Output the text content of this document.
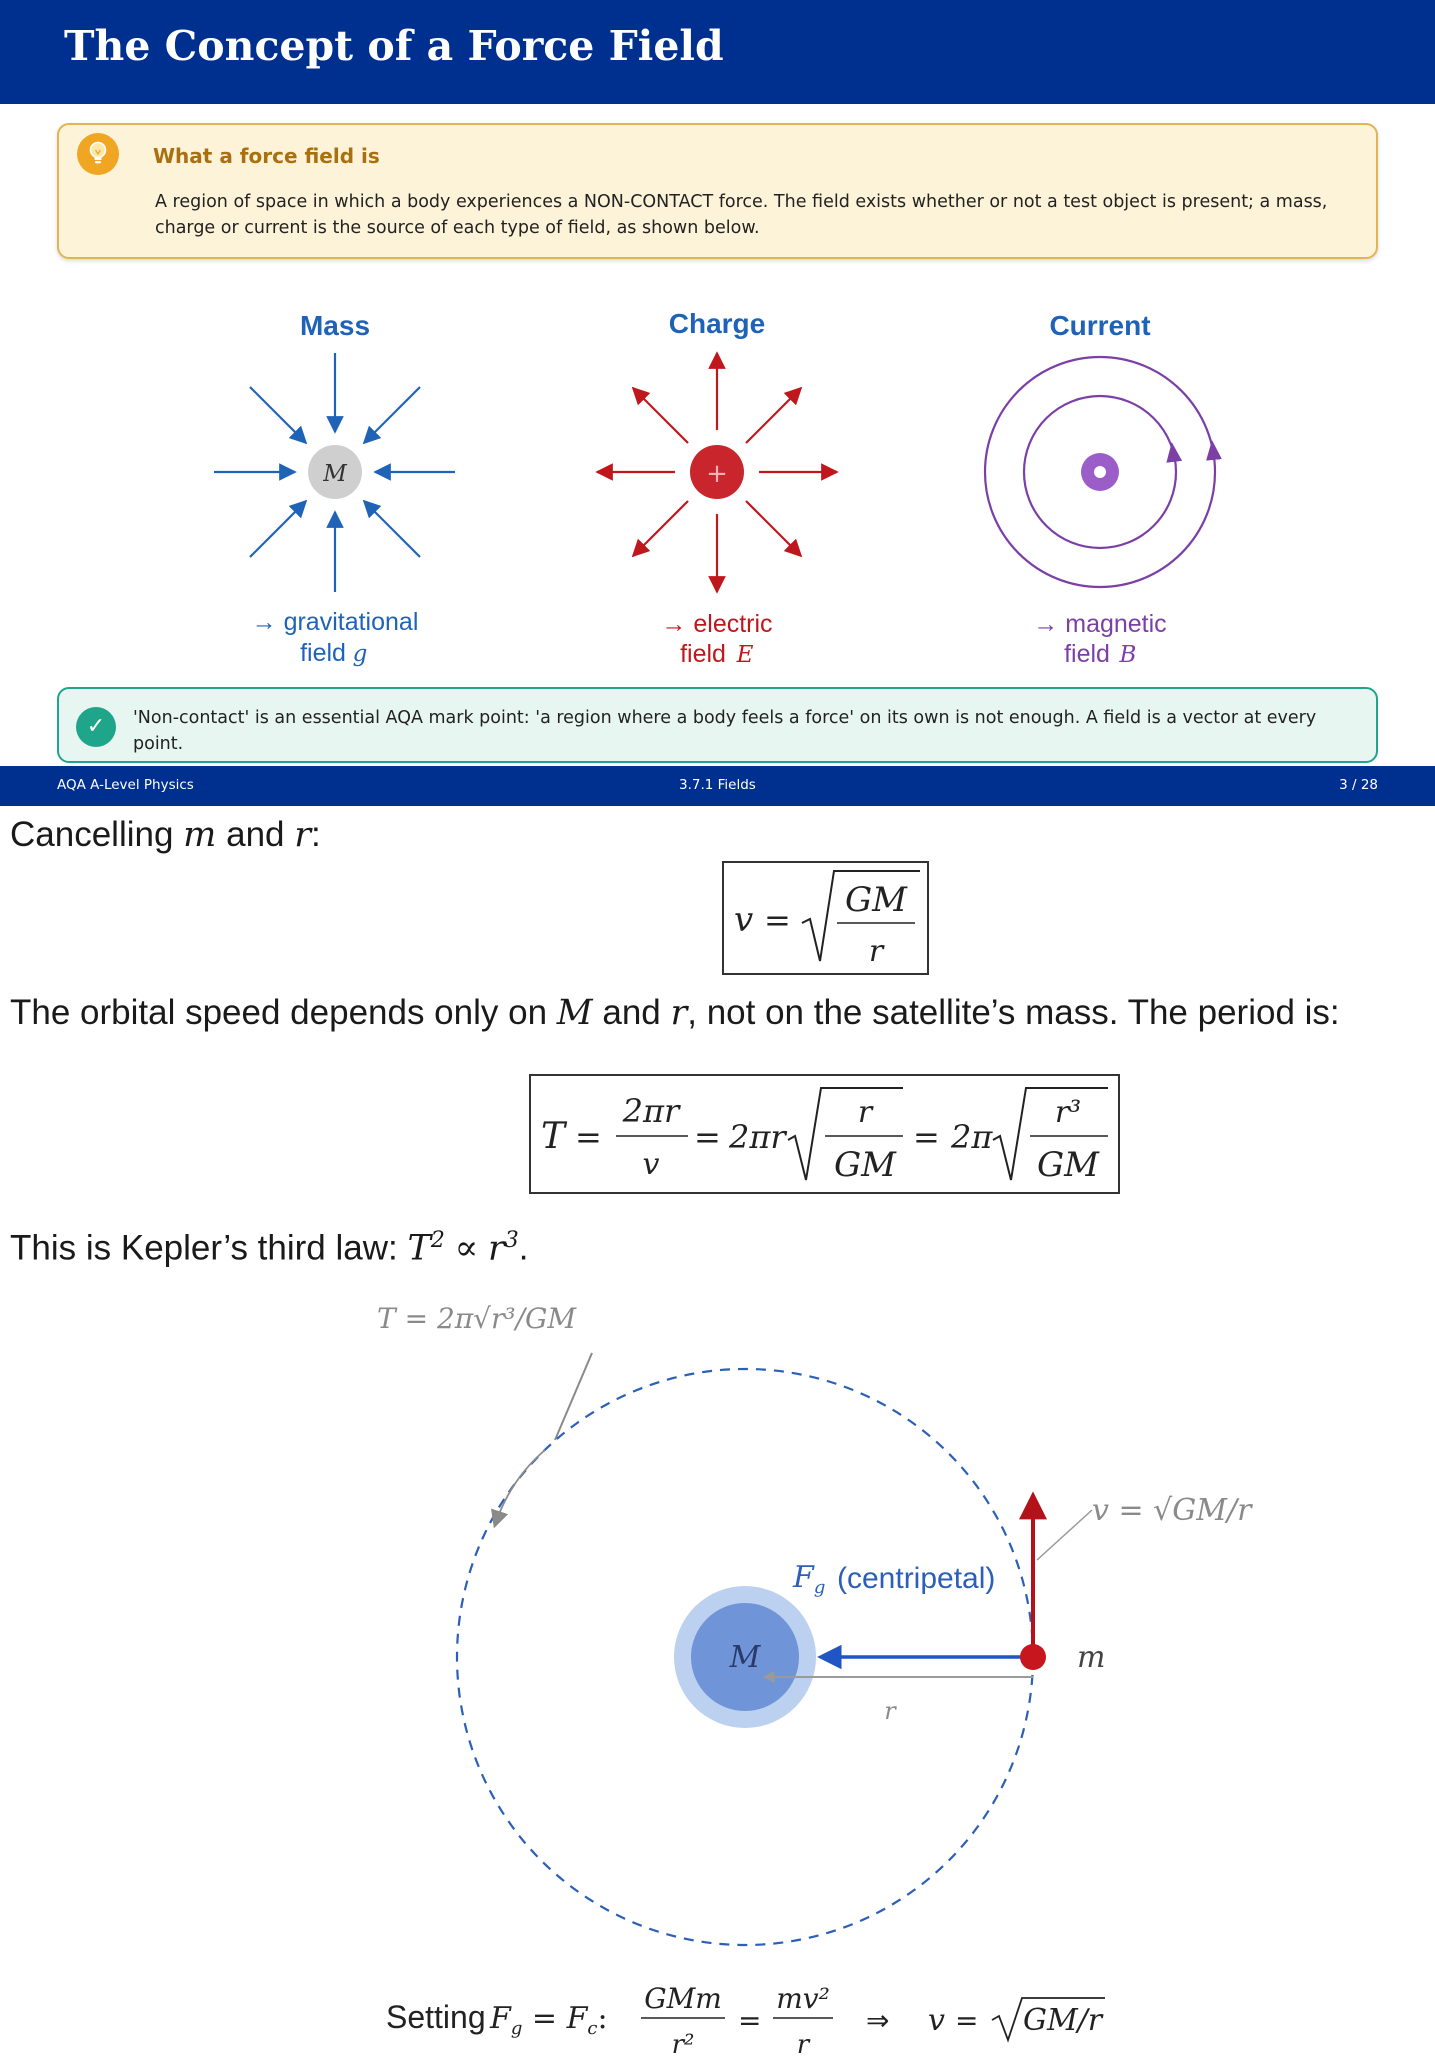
The Concept of a Force Field
What a force field is
A region of space in which a body experiences a NON-CONTACT force. The field exists whether or not a test object is present; a mass, charge or current is the source of each type of field, as shown below.
Mass
M
→ gravitational
field g
Charge
+
→ electric
field E
Current
→ magnetic
field B
✓	'Non-contact' is an essential AQA mark point: 'a region where a body feels a force' on its own is not enough. A field is a vector at every point.
AQA A-Level Physics	3.7.1 Fields	3 / 28
Cancelling m and r:
v = GM
r
The orbital speed depends only on M and r, not on the satellite’s mass. The period is:
T =
2πr
v
= 2πr
r
GM
= 2π
r³
GM
This is Kepler’s third law: $T^2 \propto r^3$.
T = 2π√r³/GM
M
r
$F_g$ (centripetal)
v = √GM/r
m
Setting $F_g = F_c$:
GMm
r²
=
mv²
r
⇒ v = GM/r
